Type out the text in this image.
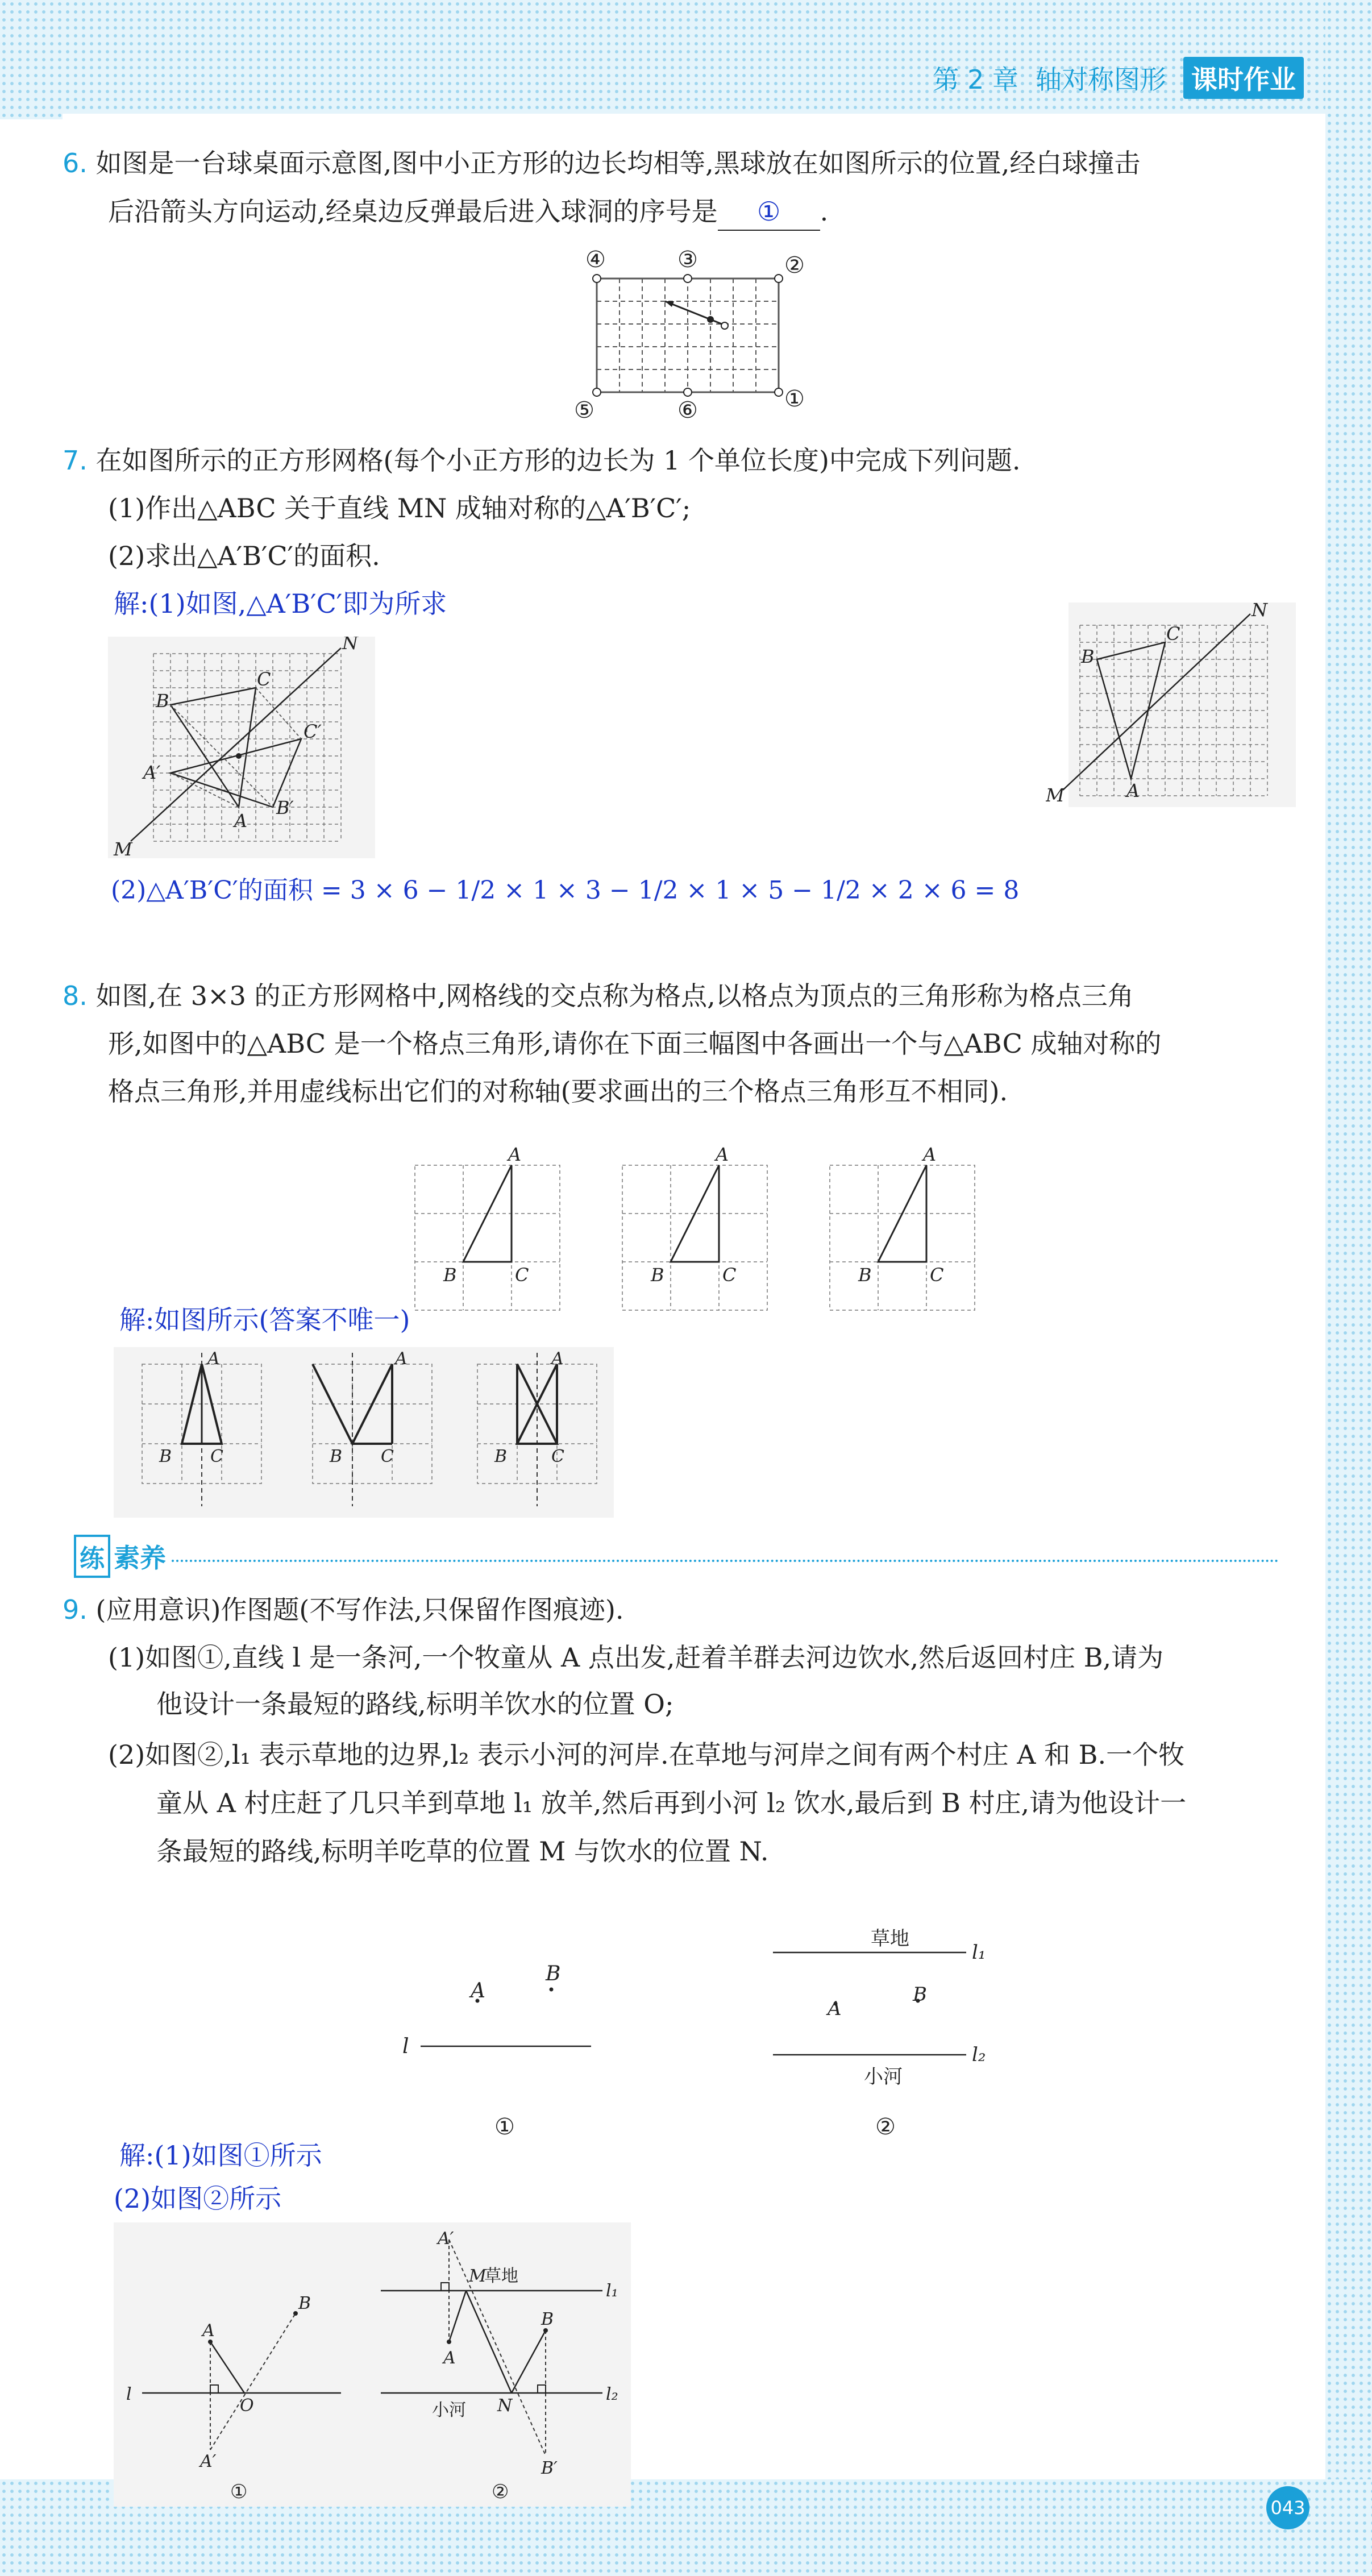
第 2 章 轴对称图形 课时作业
6. 如图是一台球桌面示意图,图中小正方形的边长均相等,黑球放在如图所示的位置,经白球撞击
后沿箭头方向运动,经桌边反弹最后进入球洞的序号是 ① .
④	③	②
⑤	⑥	①
7. 在如图所示的正方形网格(每个小正方形的边长为 1 个单位长度)中完成下列问题.
(1)作出△ABC 关于直线 MN 成轴对称的△A′B′C′;
(2)求出△A′B′C′的面积.
解:(1)如图,△A′B′C′即为所求
N
M
B
C
A
A′
C′
B′
N
M
B
C
A
(2)△A′B′C′的面积 = 3 × 6 − 1/2 × 1 × 3 − 1/2 × 1 × 5 − 1/2 × 2 × 6 = 8
8. 如图,在 3×3 的正方形网格中,网格线的交点称为格点,以格点为顶点的三角形称为格点三角
形,如图中的△ABC 是一个格点三角形,请你在下面三幅图中各画出一个与△ABC 成轴对称的
格点三角形,并用虚线标出它们的对称轴(要求画出的三个格点三角形互不相同).
A
B	C
A
B	C
A
B	C
解:如图所示(答案不唯一)
A
B C
A
B C
A
B	C
练 素养
9. (应用意识)作图题(不写作法,只保留作图痕迹).
(1)如图①,直线 l 是一条河,一个牧童从 A 点出发,赶着羊群去河边饮水,然后返回村庄 B,请为
他设计一条最短的路线,标明羊饮水的位置 O;
(2)如图②,l₁ 表示草地的边界,l₂ 表示小河的河岸.在草地与河岸之间有两个村庄 A 和 B.一个牧
童从 A 村庄赶了几只羊到草地 l₁ 放羊,然后再到小河 l₂ 饮水,最后到 B 村庄,请为他设计一
条最短的路线,标明羊吃草的位置 M 与饮水的位置 N.
l
A
B
①
草地
小河
l₁
l₂
A
B
②
解:(1)如图①所示
(2)如图②所示
l
A
B
O
A′
①
草地
小河
l₁
l₂
A′
A
B
B′
M
N
②
043
